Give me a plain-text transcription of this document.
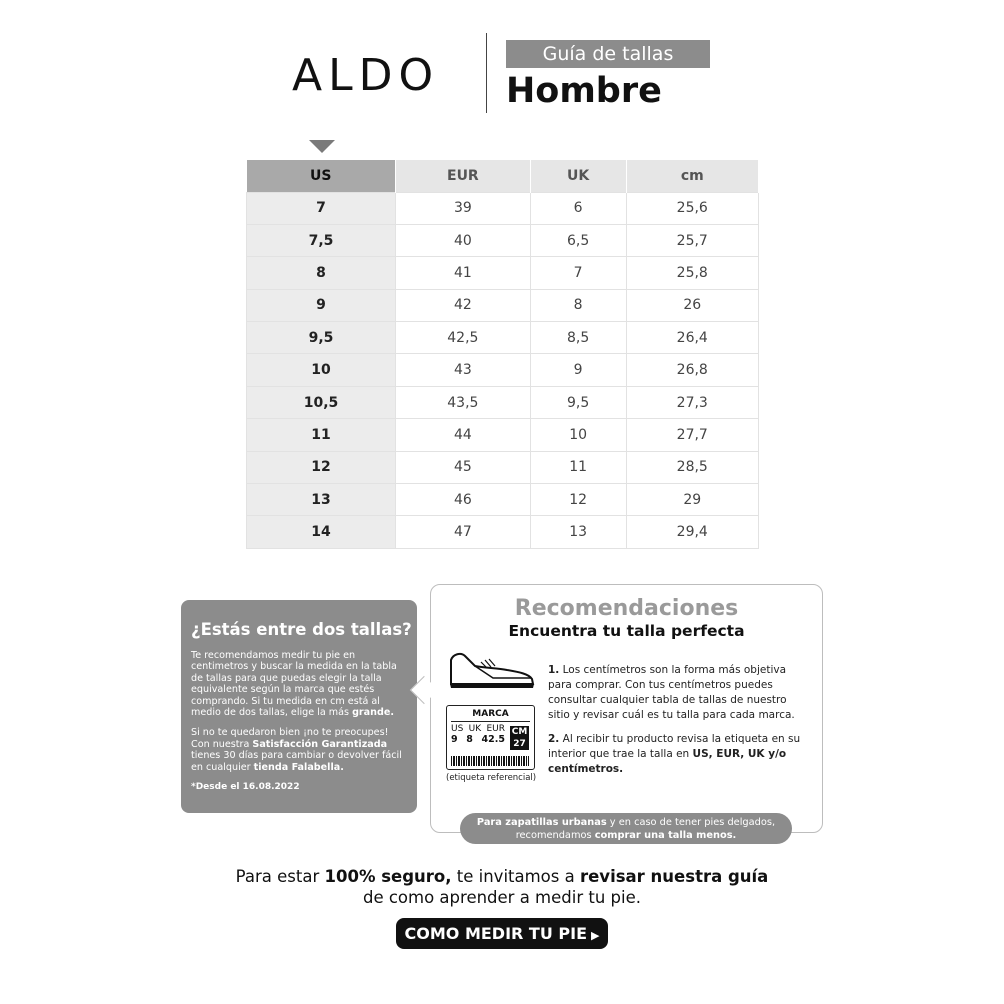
ALDO	Guía de tallas
Hombre
US	EUR	UK	cm
7	39	6	25,6
7,5	40	6,5	25,7
8	41	7	25,8
9	42	8	26
9,5	42,5	8,5	26,4
10	43	9	26,8
10,5	43,5	9,5	27,3
11	44	10	27,7
12	45	11	28,5
13	46	12	29
14	47	13	29,4
¿Estás entre dos tallas?

Te recomendamos medir tu pie en centimetros y buscar la medida en la tabla de tallas para que puedas elegir la talla equivalente según la marca que estés comprando. Si tu medida en cm está al medio de dos tallas, elige la más grande.

Si no te quedaron bien ¡no te preocupes! Con nuestra Satisfacción Garantizada tienes 30 días para cambiar o devolver fácil en cualquier tienda Falabella.

*Desde el 16.08.2022
Recomendaciones
Encuentra tu talla perfecta
MARCA
US UK EUR
9 8 42.5
CM
27
(etiqueta referencial)
1. Los centímetros son la forma más objetiva para comprar. Con tus centímetros puedes consultar cualquier tabla de tallas de nuestro sitio y revisar cuál es tu talla para cada marca.
2. Al recibir tu producto revisa la etiqueta en su interior que trae la talla en US, EUR, UK y/o centímetros.
Para zapatillas urbanas y en caso de tener pies delgados, recomendamos comprar una talla menos.
Para estar 100% seguro, te invitamos a revisar nuestra guía
de como aprender a medir tu pie.
COMO MEDIR TU PIE ▶
